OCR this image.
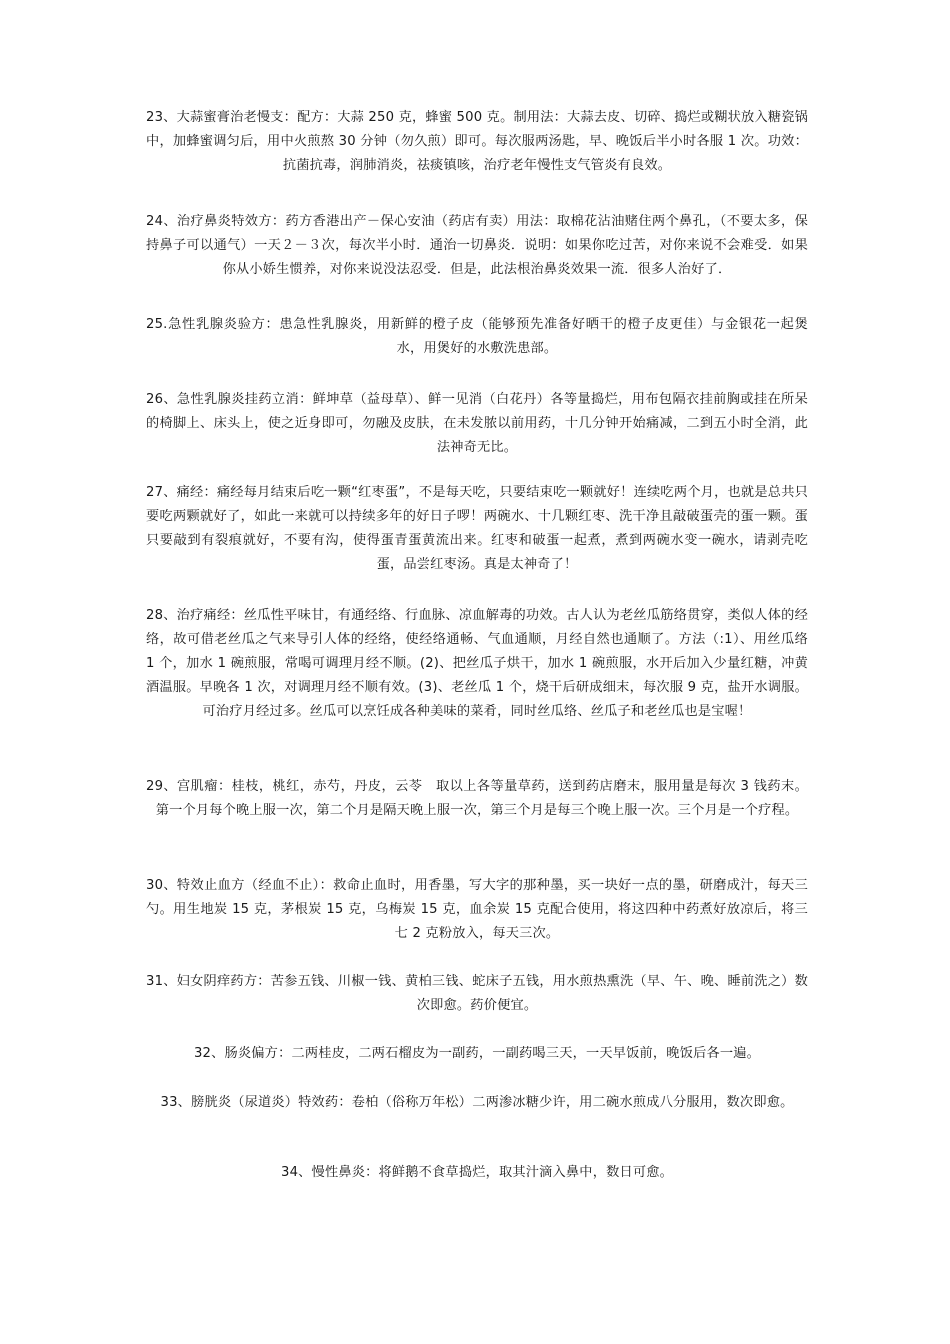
23、大蒜蜜膏治老慢支：配方：大蒜 250 克，蜂蜜 500 克。制用法：大蒜去皮、切碎、捣烂或糊状放入糖瓷锅中，加蜂蜜调匀后，用中火煎熬 30 分钟（勿久煎）即可。每次服两汤匙，早、晚饭后半小时各服 1 次。功效：抗菌抗毒，润肺消炎，祛痰镇咳，治疗老年慢性支气管炎有良效。

24、治疗鼻炎特效方：药方香港出产－保心安油（药店有卖）用法：取棉花沾油赌住两个鼻孔，（不要太多，保持鼻子可以通气）一天２－３次，每次半小时．通治一切鼻炎．说明：如果你吃过苦，对你来说不会难受．如果你从小娇生惯养，对你来说没法忍受．但是，此法根治鼻炎效果一流．很多人治好了．

25.急性乳腺炎验方：患急性乳腺炎，用新鲜的橙子皮（能够预先准备好晒干的橙子皮更佳）与金银花一起煲水，用煲好的水敷洗患部。

26、急性乳腺炎挂药立消：鲜坤草（益母草）、鲜一见消（白花丹）各等量捣烂，用布包隔衣挂前胸或挂在所呆的椅脚上、床头上，使之近身即可，勿融及皮肤，在未发脓以前用药，十几分钟开始痛减，二到五小时全消，此法神奇无比。

27、痛经：痛经每月结束后吃一颗“红枣蛋”，不是每天吃，只要结束吃一颗就好！连续吃两个月，也就是总共只要吃两颗就好了，如此一来就可以持续多年的好日子啰！两碗水、十几颗红枣、洗干净且敲破蛋壳的蛋一颗。蛋只要敲到有裂痕就好，不要有沟，使得蛋青蛋黄流出来。红枣和破蛋一起煮，煮到两碗水变一碗水，请剥壳吃蛋，品尝红枣汤。真是太神奇了！

28、治疗痛经：丝瓜性平味甘，有通经络、行血脉、凉血解毒的功效。古人认为老丝瓜筋络贯穿，类似人体的经络，故可借老丝瓜之气来导引人体的经络，使经络通畅、气血通顺，月经自然也通顺了。方法（:1）、用丝瓜络 1 个，加水 1 碗煎服，常喝可调理月经不顺。(2)、把丝瓜子烘干，加水 1 碗煎服，水开后加入少量红糖，冲黄酒温服。早晚各 1 次，对调理月经不顺有效。(3)、老丝瓜 1 个，烧干后研成细末，每次服 9 克，盐开水调服。可治疗月经过多。丝瓜可以烹饪成各种美味的菜肴，同时丝瓜络、丝瓜子和老丝瓜也是宝喔！

29、宫肌瘤：桂枝，桃红，赤芍，丹皮，云苓　取以上各等量草药，送到药店磨末，服用量是每次 3 钱药末。第一个月每个晚上服一次，第二个月是隔天晚上服一次，第三个月是每三个晚上服一次。三个月是一个疗程。

30、特效止血方（经血不止）：救命止血时，用香墨，写大字的那种墨，买一块好一点的墨，研磨成汁，每天三勺。用生地炭 15 克，茅根炭 15 克，乌梅炭 15 克，血余炭 15 克配合使用，将这四种中药煮好放凉后，将三七 2 克粉放入，每天三次。

31、妇女阴痒药方：苦参五钱、川椒一钱、黄柏三钱、蛇床子五钱，用水煎热熏洗（早、午、晚、睡前洗之）数次即愈。药价便宜。

32、肠炎偏方：二两桂皮，二两石榴皮为一副药，一副药喝三天，一天早饭前，晚饭后各一遍。

33、膀胱炎（尿道炎）特效药：卷柏（俗称万年松）二两渗冰糖少许，用二碗水煎成八分服用，数次即愈。

34、慢性鼻炎：将鲜鹅不食草捣烂，取其汁滴入鼻中，数日可愈。
